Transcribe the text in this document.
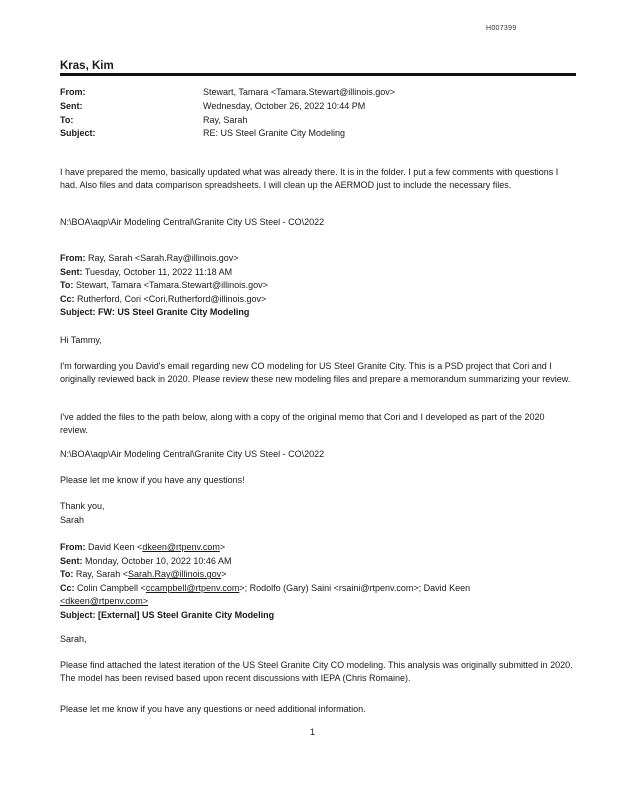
H007399
Kras, Kim
From:	Stewart, Tamara <Tamara.Stewart@illinois.gov>
Sent:	Wednesday, October 26, 2022 10:44 PM
To:	Ray, Sarah
Subject:	RE: US Steel Granite City Modeling

I have prepared the memo, basically updated what was already there. It is in the folder. I put a few comments with questions I had. Also files and data comparison spreadsheets. I will clean up the AERMOD just to include the necessary files.

N:\BOA\aqp\Air Modeling Central\Granite City US Steel - CO\2022

From: Ray, Sarah <Sarah.Ray@illinois.gov>
Sent: Tuesday, October 11, 2022 11:18 AM
To: Stewart, Tamara <Tamara.Stewart@illinois.gov>
Cc: Rutherford, Cori <Cori.Rutherford@illinois.gov>
Subject: FW: US Steel Granite City Modeling

Hi Tammy,

I'm forwarding you David's email regarding new CO modeling for US Steel Granite City. This is a PSD project that Cori and I originally reviewed back in 2020. Please review these new modeling files and prepare a memorandum summarizing your review.

I've added the files to the path below, along with a copy of the original memo that Cori and I developed as part of the 2020 review.

N:\BOA\aqp\Air Modeling Central\Granite City US Steel - CO\2022

Please let me know if you have any questions!

Thank you,

Sarah

From: David Keen <dkeen@rtpenv.com>
Sent: Monday, October 10, 2022 10:46 AM
To: Ray, Sarah <Sarah.Ray@illinois.gov>
Cc: Colin Campbell <ccampbell@rtpenv.com>; Rodolfo (Gary) Saini <rsaini@rtpenv.com>; David Keen
<dkeen@rtpenv.com>
Subject: [External] US Steel Granite City Modeling

Sarah,

Please find attached the latest iteration of the US Steel Granite City CO modeling. This analysis was originally submitted in 2020. The model has been revised based upon recent discussions with IEPA (Chris Romaine).

Please let me know if you have any questions or need additional information.

1
